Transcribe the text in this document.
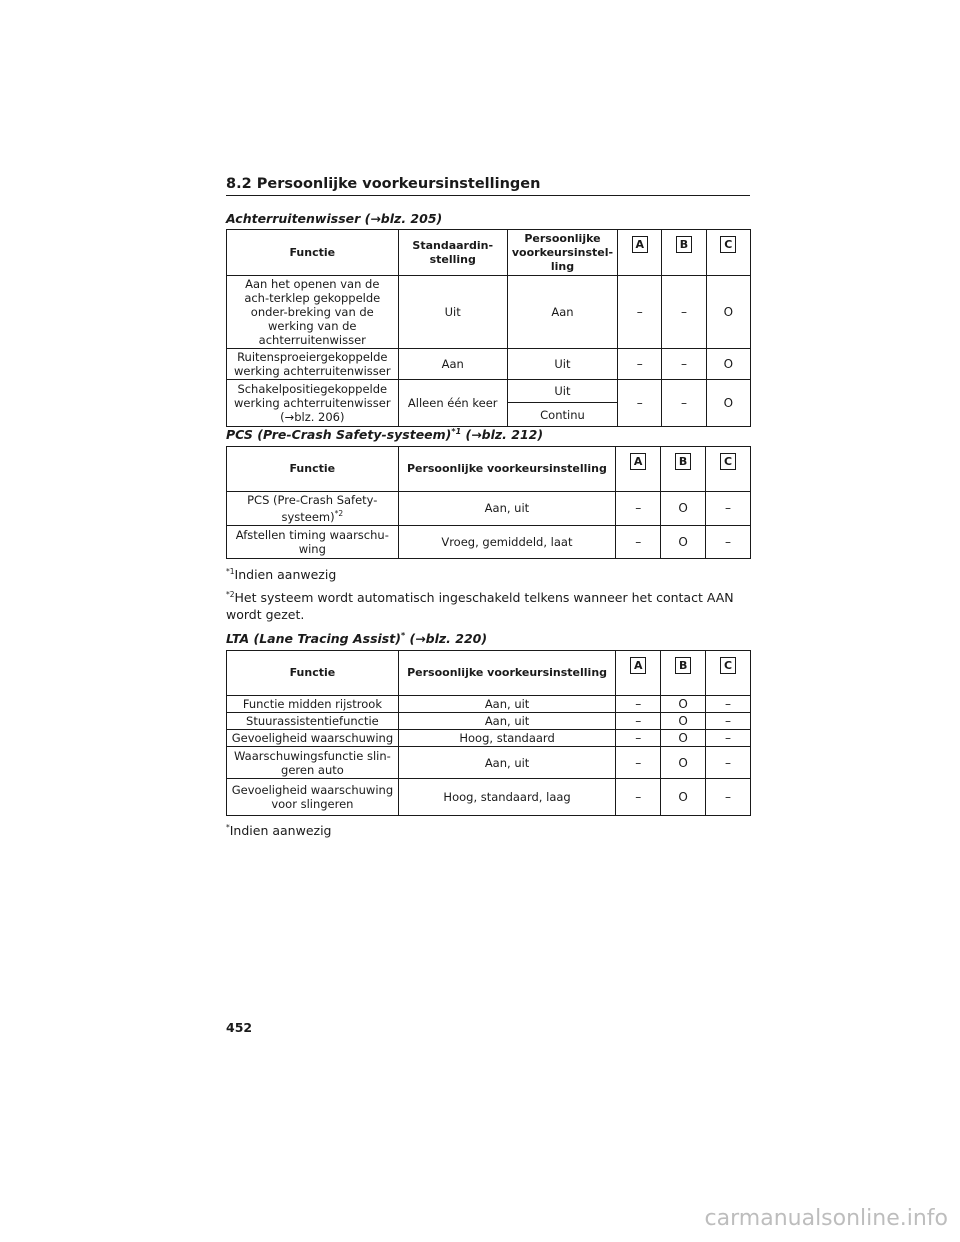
8.2 Persoonlijke voorkeursinstellingen
Achterruitenwisser (→blz. 205)
Functie	Standaardin-stelling	Persoonlijke voorkeursinstel-ling	A	B	C
Aan het openen van de ach-terklep gekoppelde onder-breking van de werking van de achterruitenwisser	Uit	Aan	–	–	O
Ruitensproeiergekoppelde werking achterruitenwisser	Aan	Uit	–	–	O
Schakelpositiegekoppelde werking achterruitenwisser (→blz. 206)	Alleen één keer	Uit	–	–	O
		Continu			
PCS (Pre-Crash Safety-systeem)$^{*1}$ (→blz. 212)
Functie	Persoonlijke voorkeursinstelling	A	B	C
PCS (Pre-Crash Safety-systeem)$^{*2}$	Aan, uit	–	O	–
Afstellen timing waarschu-wing	Vroeg, gemiddeld, laat	–	O	–
$^{*1}$Indien aanwezig
$^{*2}$Het systeem wordt automatisch ingeschakeld telkens wanneer het contact AAN wordt gezet.
LTA (Lane Tracing Assist)* (→blz. 220)
Functie	Persoonlijke voorkeursinstelling	A	B	C
Functie midden rijstrook	Aan, uit	–	O	–
Stuurassistentiefunctie	Aan, uit	–	O	–
Gevoeligheid waarschuwing	Hoog, standaard	–	O	–
Waarschuwingsfunctie slin-geren auto	Aan, uit	–	O	–
Gevoeligheid waarschuwing voor slingeren	Hoog, standaard, laag	–	O	–
*Indien aanwezig
452
carmanualsonline.info
